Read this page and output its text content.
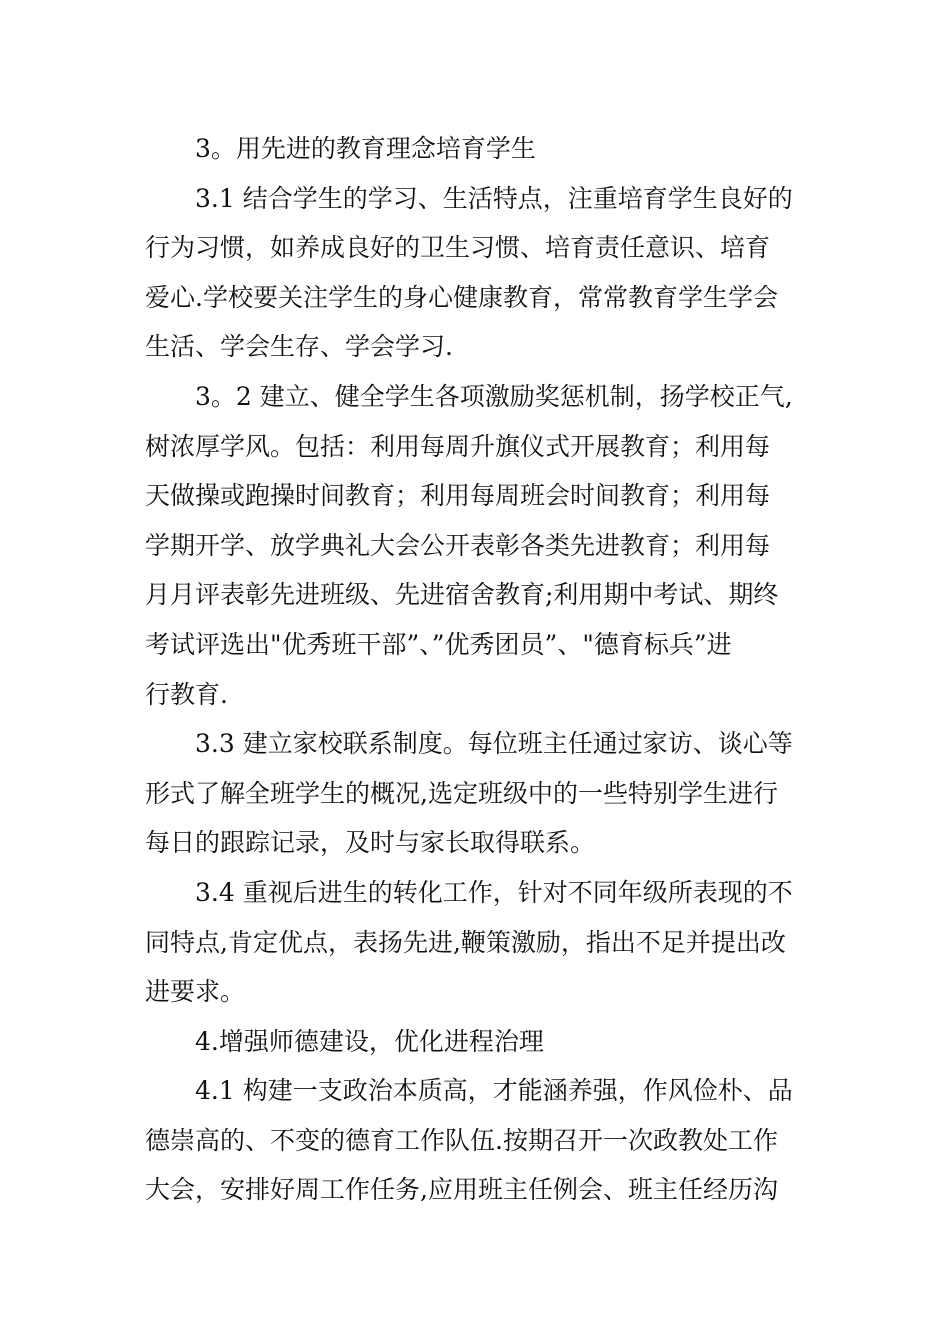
3。用先进的教育理念培育学生

3.1 结合学生的学习、生活特点，注重培育学生良好的
行为习惯，如养成良好的卫生习惯、培育责任意识、培育
爱心.学校要关注学生的身心健康教育，常常教育学生学会
生活、学会生存、学会学习.

3。2 建立、健全学生各项激励奖惩机制，扬学校正气,
树浓厚学风。包括：利用每周升旗仪式开展教育；利用每
天做操或跑操时间教育；利用每周班会时间教育；利用每
学期开学、放学典礼大会公开表彰各类先进教育；利用每
月月评表彰先进班级、先进宿舍教育;利用期中考试、期终
考试评选出"优秀班干部”、”优秀团员”、"德育标兵”进
行教育.

3.3 建立家校联系制度。每位班主任通过家访、谈心等
形式了解全班学生的概况,选定班级中的一些特别学生进行
每日的跟踪记录，及时与家长取得联系。

3.4 重视后进生的转化工作，针对不同年级所表现的不
同特点,肯定优点，表扬先进,鞭策激励，指出不足并提出改
进要求。

4.增强师德建设，优化进程治理

4.1 构建一支政治本质高，才能涵养强，作风俭朴、品
德崇高的、不变的德育工作队伍.按期召开一次政教处工作
大会，安排好周工作任务,应用班主任例会、班主任经历沟
